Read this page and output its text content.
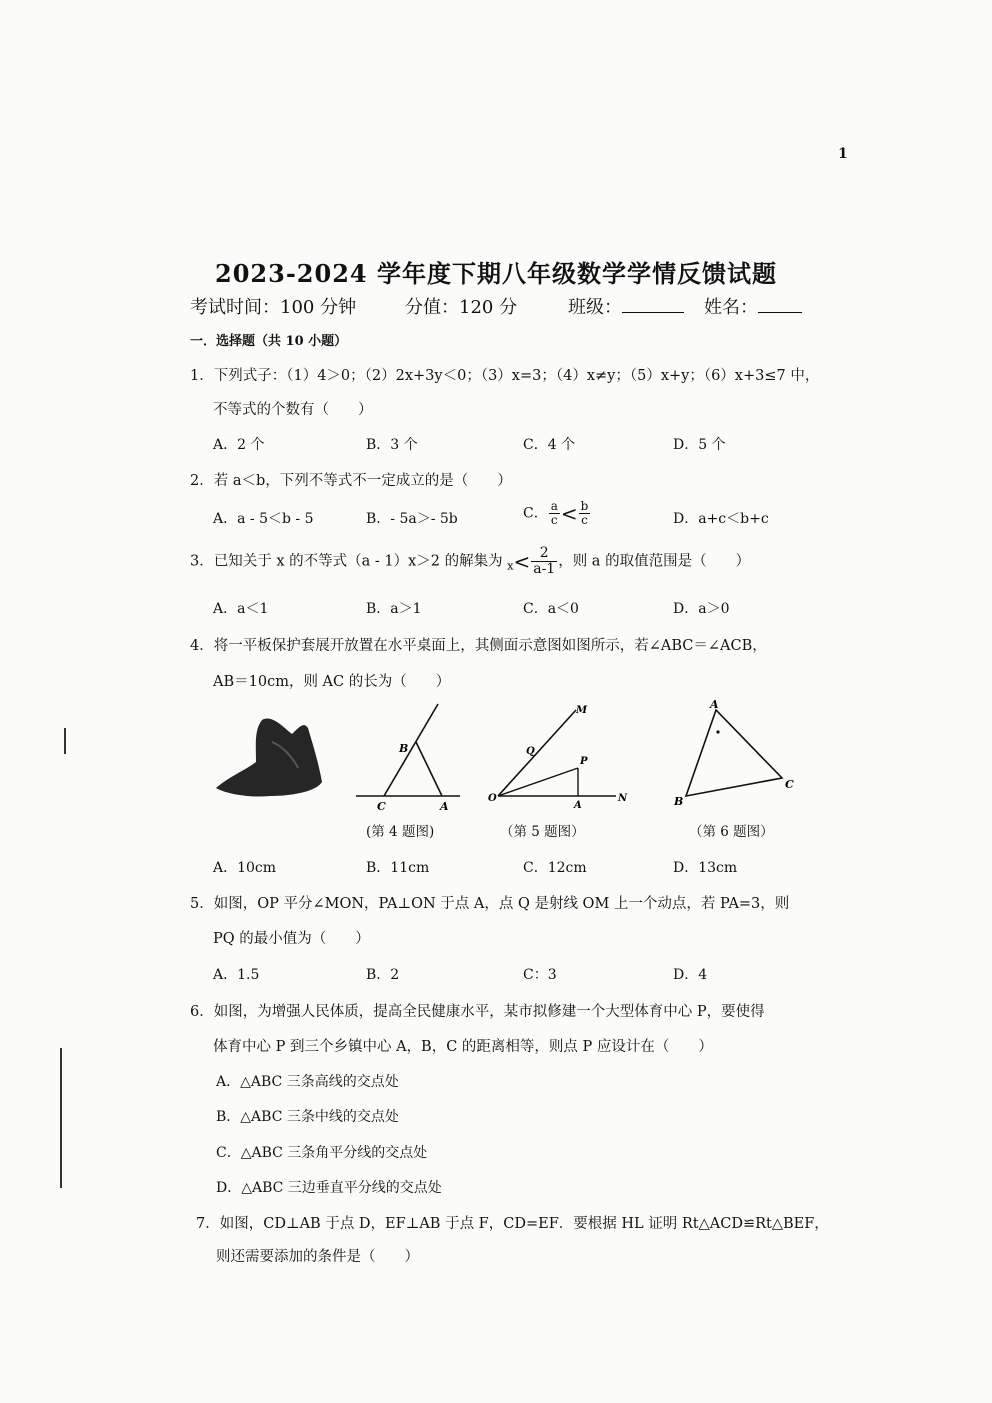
1
2023-2024 学年度下期八年级数学学情反馈试题
考试时间：100 分钟	分值：120 分	班级：	姓名：
一．选择题（共 10 小题）
1．下列式子：（1）4＞0；（2）2x+3y＜0；（3）x=3；（4）x≠y；（5）x+y；（6）x+3≤7 中，
不等式的个数有（　　）
A．2 个	B．3 个	C．4 个	D．5 个
2．若 a＜b，下列不等式不一定成立的是（　　）
A．a - 5＜b - 5	B．- 5a＞- 5b	C． $\frac{a}{c} < \frac{b}{c}$	D．a+c＜b+c
3．已知关于 x 的不等式（a - 1）x＞2 的解集为 $_x< \frac{2}{a-1}$ ，则 a 的取值范围是（　　）
A．a＜1	B．a＞1	C．a＜0	D．a＞0
4．将一平板保护套展开放置在水平桌面上，其侧面示意图如图所示，若∠ABC＝∠ACB，
AB＝10cm，则 AC 的长为（　　）
B
C	A
(第 4 题图)
M
Q
P
O
A
N
（第 5 题图）
A
B
C
（第 6 题图）
A．10cm	B．11cm	C．12cm	D．13cm
5．如图，OP 平分∠MON，PA⊥ON 于点 A，点 Q 是射线 OM 上一个动点，若 PA=3，则
PQ 的最小值为（　　）
A．1.5	B．2	C：3	D．4
6．如图，为增强人民体质，提高全民健康水平，某市拟修建一个大型体育中心 P，要使得
体育中心 P 到三个乡镇中心 A，B，C 的距离相等，则点 P 应设计在（　　）
A．△ABC 三条高线的交点处
B．△ABC 三条中线的交点处
C．△ABC 三条角平分线的交点处
D．△ABC 三边垂直平分线的交点处
7．如图，CD⊥AB 于点 D，EF⊥AB 于点 F，CD=EF．要根据 HL 证明 Rt△ACD≌Rt△BEF，
则还需要添加的条件是（　　）
